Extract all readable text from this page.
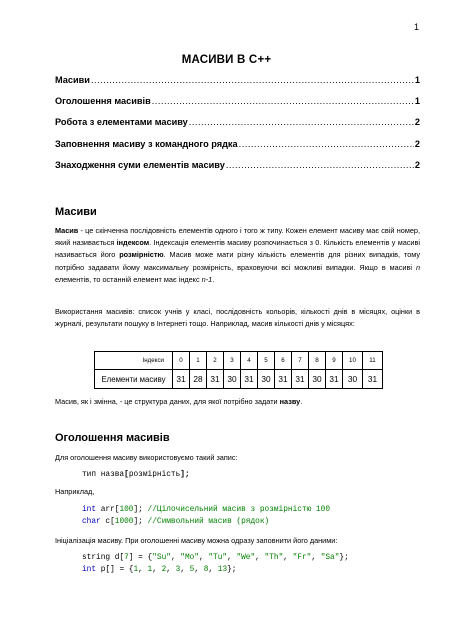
1
МАСИВИ В С++
Масиви .....	1
Оголошення масивів .....	1
Робота з елементами масиву .....	2
Заповнення масиву з командного рядка .....	2
Знаходження суми елементів масиву .....	2
Масиви
Масив - це скінченна послідовність елементів одного і того ж типу. Кожен елемент масиву має свій номер, який називається індексом. Індексація елементів масиву розпочинається з 0. Кількість елементів у масиві називається його розмірністю. Масив може мати різну кількість елементів для різних випадків, тому потрібно задавати йому максимальну розмірність, враховуючи всі можливі випадки. Якщо в масиві n елементів, то останній елемент має індекс n-1.
Використання масивів: список учнів у класі, послідовність кольорів, кількості днів в місяцях, оцінки в журналі, результати пошуку в Інтернеті тощо. Наприклад, масив кількості днів у місяцях:
Індекси	0	1	2	3	4	5	6	7	8	9	10	11
Елементи масиву	31	28	31	30	31	30	31	31	30	31	30	31
Масив, як і змінна, - це структура даних, для якої потрібно задати назву.
Оголошення масивів
Для оголошення масиву використовуємо такий запис:
тип назва[розмірність];
Наприклад,
int arr[100]; //Цілочисельний масив з розмірністю 100
char c[1000]; //Символьний масив (рядок)
Ініціалізація масиву. При оголошенні масиву можна одразу заповнити його даними:
string d[7] = {"Su", "Mo", "Tu", "We", "Th", "Fr", "Sa"};
int p[] = {1, 1, 2, 3, 5, 8, 13};
